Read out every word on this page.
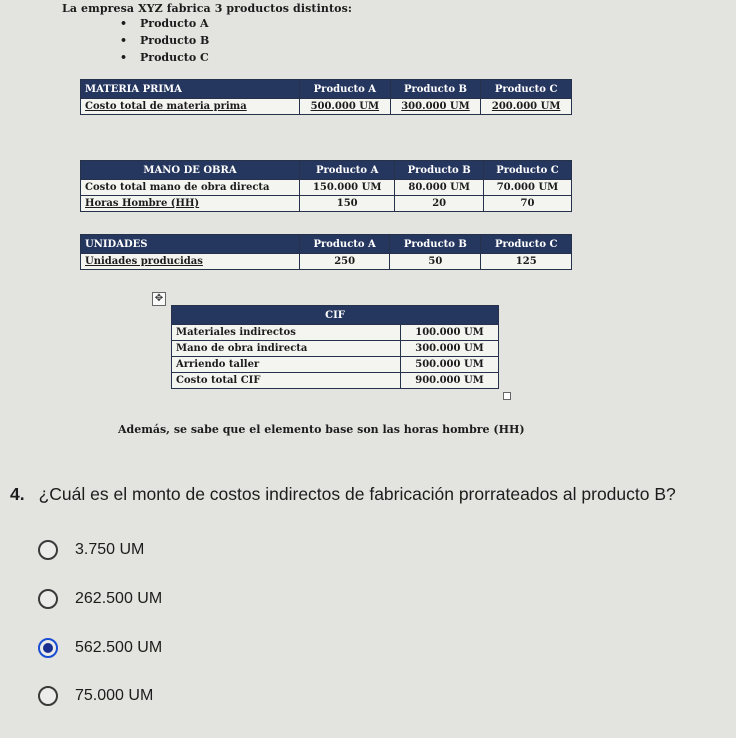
La empresa XYZ fabrica 3 productos distintos:
• Producto A
• Producto B
• Producto C
MATERIA PRIMA	Producto A	Producto B	Producto C
Costo total de materia prima	500.000 UM	300.000 UM	200.000 UM
MANO DE OBRA	Producto A	Producto B	Producto C
Costo total mano de obra directa	150.000 UM	80.000 UM	70.000 UM
Horas Hombre (HH)	150	20	70
UNIDADES	Producto A	Producto B	Producto C
Unidades producidas	250	50	125
✥
CIF	
Materiales indirectos	100.000 UM
Mano de obra indirecta	300.000 UM
Arriendo taller	500.000 UM
Costo total CIF	900.000 UM
Además, se sabe que el elemento base son las horas hombre (HH)
4. ¿Cuál es el monto de costos indirectos de fabricación prorrateados al producto B?
3.750 UM
262.500 UM
562.500 UM
75.000 UM
